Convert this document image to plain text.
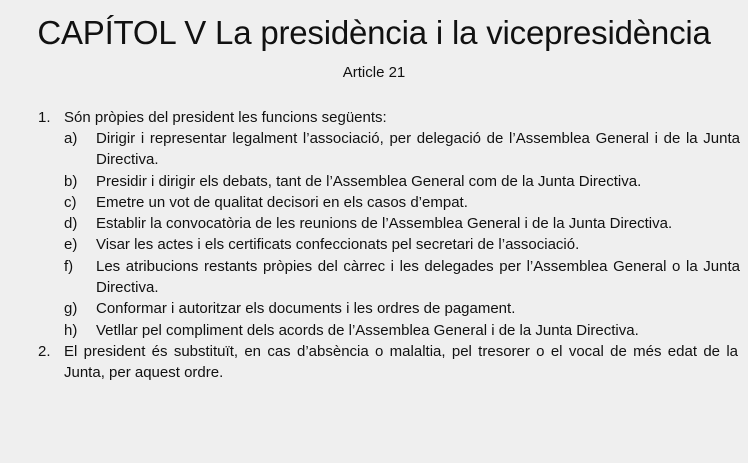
CAPÍTOL V La presidència i la vicepresidència
Article 21
1. Són pròpies del president les funcions següents:
a) Dirigir i representar legalment l’associació, per delegació de l’Assemblea General i de la Junta Directiva.
b) Presidir i dirigir els debats, tant de l’Assemblea General com de la Junta Directiva.
c) Emetre un vot de qualitat decisori en els casos d’empat.
d) Establir la convocatòria de les reunions de l’Assemblea General i de la Junta Directiva.
e) Visar les actes i els certificats confeccionats pel secretari de l’associació.
f) Les atribucions restants pròpies del càrrec i les delegades per l’Assemblea General o la Junta Directiva.
g) Conformar i autoritzar els documents i les ordres de pagament.
h) Vetllar pel compliment dels acords de l’Assemblea General i de la Junta Directiva.
2. El president és substituït, en cas d’absència o malaltia, pel tresorer o el vocal de més edat de la Junta, per aquest ordre.
